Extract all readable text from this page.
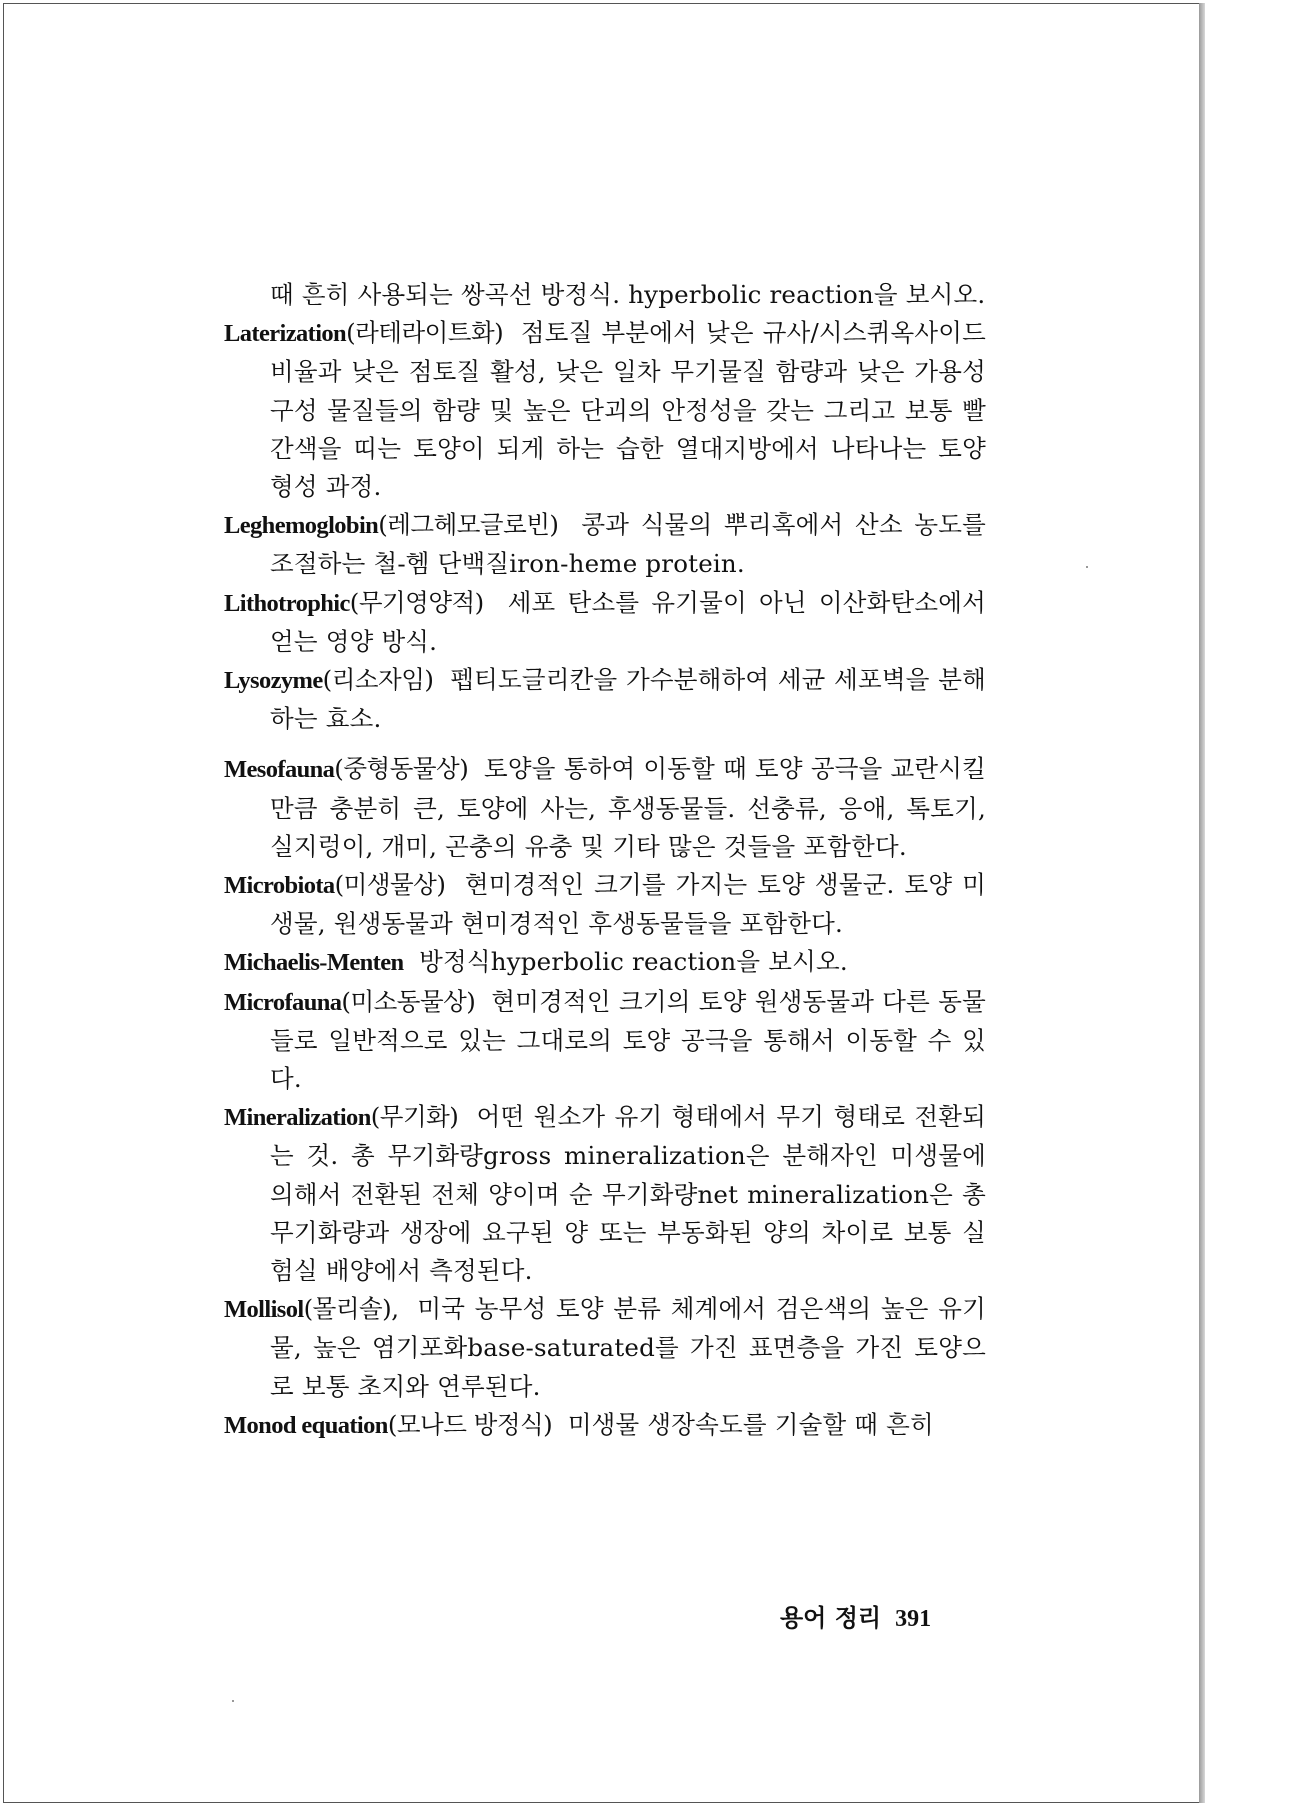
때 흔히 사용되는 쌍곡선 방정식. hyperbolic reaction을 보시오.

Laterization(라테라이트화) 점토질 부분에서 낮은 규사/시스퀴옥사이드 비율과 낮은 점토질 활성, 낮은 일차 무기물질 함량과 낮은 가용성 구성 물질들의 함량 및 높은 단괴의 안정성을 갖는 그리고 보통 빨간색을 띠는 토양이 되게 하는 습한 열대지방에서 나타나는 토양 형성 과정.

Leghemoglobin(레그헤모글로빈) 콩과 식물의 뿌리혹에서 산소 농도를 조절하는 철-헴 단백질iron-heme protein.

Lithotrophic(무기영양적) 세포 탄소를 유기물이 아닌 이산화탄소에서 얻는 영양 방식.

Lysozyme(리소자임) 펩티도글리칸을 가수분해하여 세균 세포벽을 분해하는 효소.

Mesofauna(중형동물상) 토양을 통하여 이동할 때 토양 공극을 교란시킬 만큼 충분히 큰, 토양에 사는, 후생동물들. 선충류, 응애, 톡토기, 실지렁이, 개미, 곤충의 유충 및 기타 많은 것들을 포함한다.

Microbiota(미생물상) 현미경적인 크기를 가지는 토양 생물군. 토양 미생물, 원생동물과 현미경적인 후생동물들을 포함한다.

Michaelis-Menten 방정식hyperbolic reaction을 보시오.

Microfauna(미소동물상) 현미경적인 크기의 토양 원생동물과 다른 동물들로 일반적으로 있는 그대로의 토양 공극을 통해서 이동할 수 있다.

Mineralization(무기화) 어떤 원소가 유기 형태에서 무기 형태로 전환되는 것. 총 무기화량gross mineralization은 분해자인 미생물에 의해서 전환된 전체 양이며 순 무기화량net mineralization은 총 무기화량과 생장에 요구된 양 또는 부동화된 양의 차이로 보통 실험실 배양에서 측정된다.

Mollisol(몰리솔), 미국 농무성 토양 분류 체계에서 검은색의 높은 유기물, 높은 염기포화base-saturated를 가진 표면층을 가진 토양으로 보통 초지와 연루된다.

Monod equation(모나드 방정식) 미생물 생장속도를 기술할 때 흔히

용어 정리 391
